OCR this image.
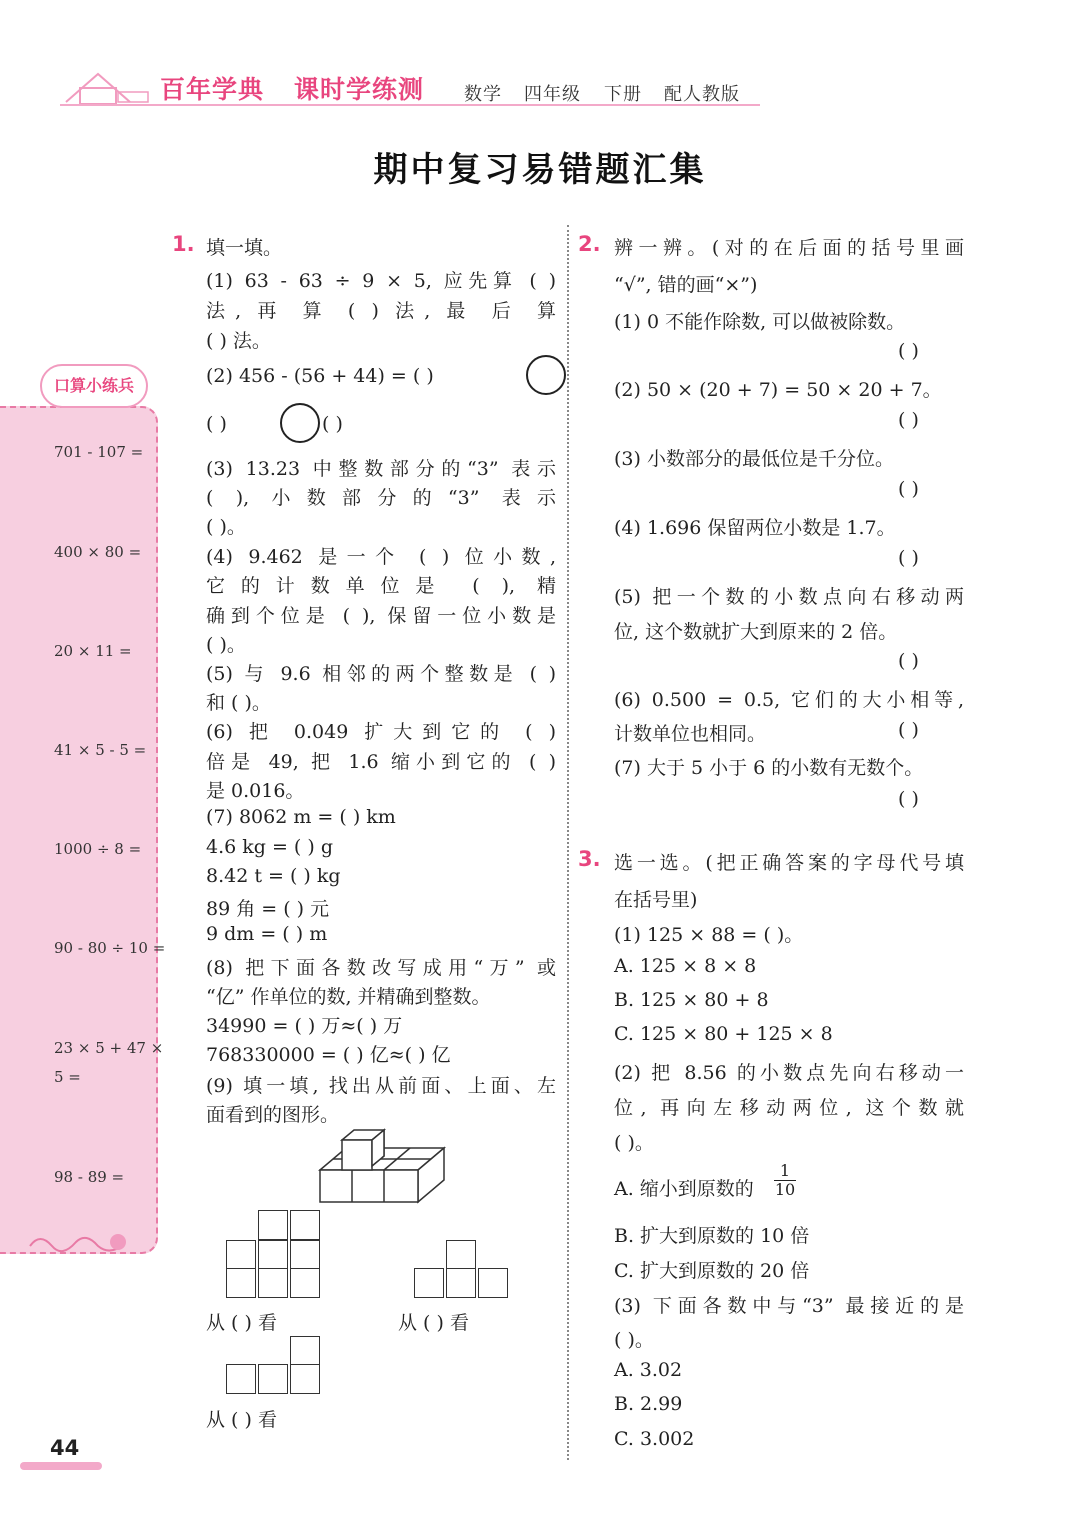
百年学典 课时学练测 数学 四年级 下册 配人教版
期中复习易错题汇集
口算小练兵
701 - 107 =
400 × 80 =
20 × 11 =
41 × 5 - 5 =
1000 ÷ 8 =
90 - 80 ÷ 10 =
23 × 5 + 47 ×
5 =
98 - 89 =
44
1. 填一填。
(1) 63 - 63 ÷ 9 × 5, 应先算 ( )
法, 再 算 ( ) 法, 最 后 算
( ) 法。
(2) 456 - (56 + 44) = ( )
( )	( )
(3) 13.23 中整数部分的“3” 表示
( ), 小数部分的“3” 表示
( )。
(4) 9.462 是一个 ( ) 位小数,
它的计数单位是 ( ), 精
确到个位是 ( ), 保留一位小数是
( )。
(5) 与 9.6 相邻的两个整数是 ( )
和 ( )。
(6) 把 0.049 扩大到它的 ( )
倍是 49, 把 1.6 缩小到它的 ( )
是 0.016。
(7) 8062 m = ( ) km
4.6 kg = ( ) g
8.42 t = ( ) kg
89 角 = ( ) 元
9 dm = ( ) m
(8) 把下面各数改写成用“万” 或
“亿” 作单位的数, 并精确到整数。
34990 = ( ) 万≈( ) 万
768330000 = ( ) 亿≈( ) 亿
(9) 填一填, 找出从前面、上面、左
面看到的图形。
从 ( ) 看	从 ( ) 看
从 ( ) 看
2. 辨一辨。(对的在后面的括号里画
“√”, 错的画“×”)
(1) 0 不能作除数, 可以做被除数。
( )
(2) 50 × (20 + 7) = 50 × 20 + 7。
( )
(3) 小数部分的最低位是千分位。
( )
(4) 1.696 保留两位小数是 1.7。
( )
(5) 把一个数的小数点向右移动两
位, 这个数就扩大到原来的 2 倍。
( )
(6) 0.500 = 0.5, 它们的大小相等,
计数单位也相同。	( )
(7) 大于 5 小于 6 的小数有无数个。
( )
3. 选一选。(把正确答案的字母代号填
在括号里)
(1) 125 × 88 = ( )。
A. 125 × 8 × 8
B. 125 × 80 + 8
C. 125 × 80 + 125 × 8
(2) 把 8.56 的小数点先向右移动一
位, 再向左移动两位, 这个数就
( )。
A. 缩小到原数的 $\frac{1}{10}$
B. 扩大到原数的 10 倍
C. 扩大到原数的 20 倍
(3) 下面各数中与“3” 最接近的是
( )。
A. 3.02
B. 2.99
C. 3.002
